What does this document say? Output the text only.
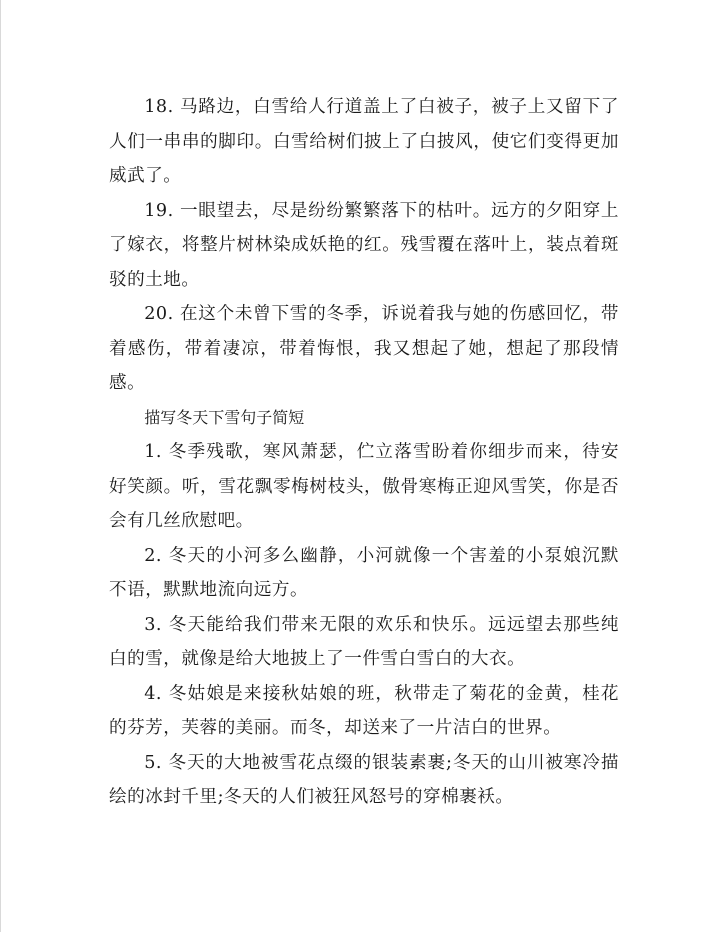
18. 马路边，白雪给人行道盖上了白被子，被子上又留下了人们一串串的脚印。白雪给树们披上了白披风，使它们变得更加威武了。

19. 一眼望去，尽是纷纷繁繁落下的枯叶。远方的夕阳穿上了嫁衣，将整片树林染成妖艳的红。残雪覆在落叶上，装点着斑驳的土地。

20. 在这个未曾下雪的冬季，诉说着我与她的伤感回忆，带着感伤，带着凄凉，带着悔恨，我又想起了她，想起了那段情感。

描写冬天下雪句子简短

1. 冬季残歌，寒风萧瑟，伫立落雪盼着你细步而来，待安好笑颜。听，雪花飘零梅树枝头，傲骨寒梅正迎风雪笑，你是否会有几丝欣慰吧。

2. 冬天的小河多么幽静，小河就像一个害羞的小泵娘沉默不语，默默地流向远方。

3. 冬天能给我们带来无限的欢乐和快乐。远远望去那些纯白的雪，就像是给大地披上了一件雪白雪白的大衣。

4. 冬姑娘是来接秋姑娘的班，秋带走了菊花的金黄，桂花的芬芳，芙蓉的美丽。而冬，却送来了一片洁白的世界。

5. 冬天的大地被雪花点缀的银装素裹;冬天的山川被寒冷描绘的冰封千里;冬天的人们被狂风怒号的穿棉裹袄。
